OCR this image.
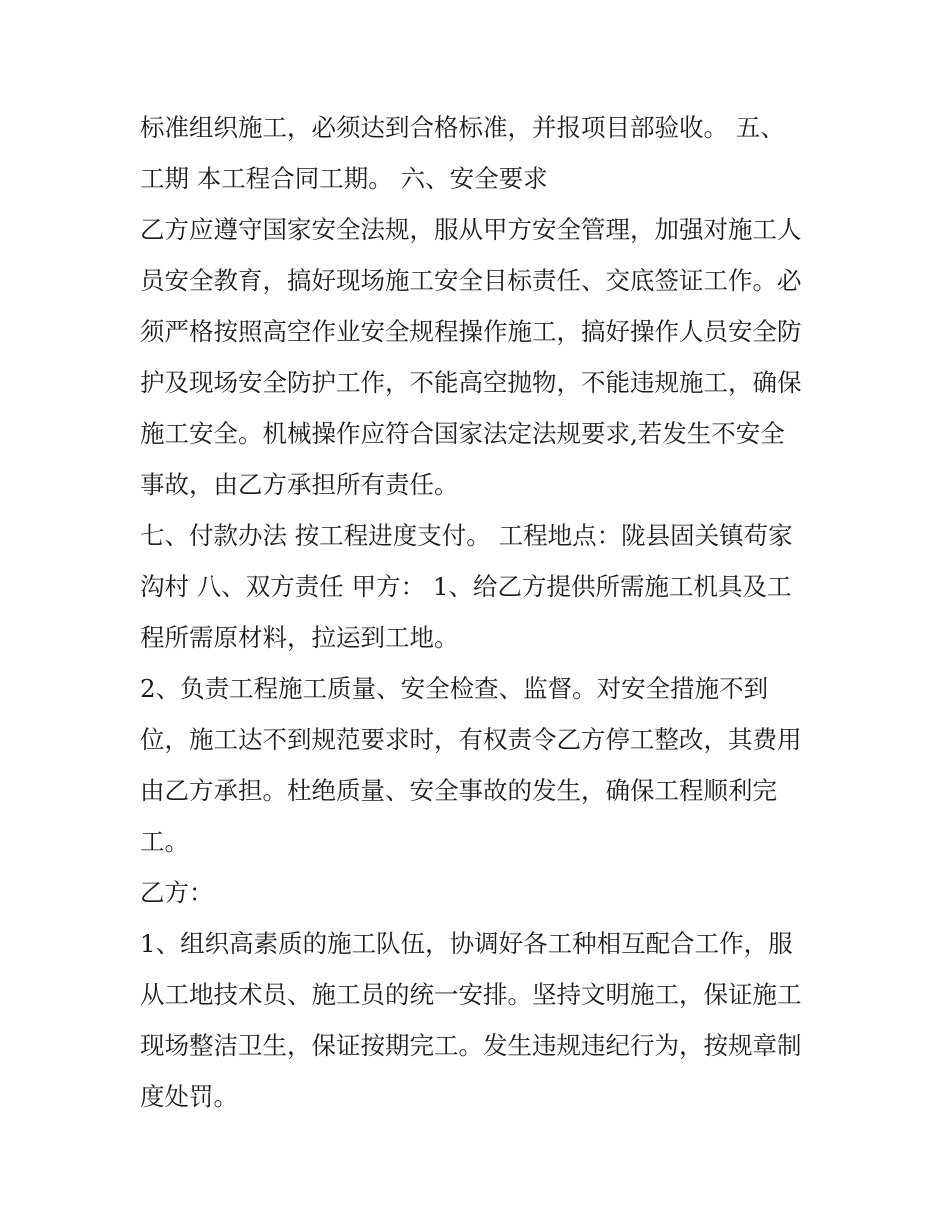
标准组织施工，必须达到合格标准，并报项目部验收。 五、
工期 本工程合同工期。 六、安全要求
乙方应遵守国家安全法规，服从甲方安全管理，加强对施工人
员安全教育，搞好现场施工安全目标责任、交底签证工作。必
须严格按照高空作业安全规程操作施工，搞好操作人员安全防
护及现场安全防护工作，不能高空抛物，不能违规施工，确保
施工安全。机械操作应符合国家法定法规要求,若发生不安全
事故，由乙方承担所有责任。
七、付款办法 按工程进度支付。 工程地点：陇县固关镇苟家
沟村 八、双方责任 甲方： 1、给乙方提供所需施工机具及工
程所需原材料，拉运到工地。
2、负责工程施工质量、安全检查、监督。对安全措施不到
位，施工达不到规范要求时，有权责令乙方停工整改，其费用
由乙方承担。杜绝质量、安全事故的发生，确保工程顺利完
工。
乙方：
1、组织高素质的施工队伍，协调好各工种相互配合工作，服
从工地技术员、施工员的统一安排。坚持文明施工，保证施工
现场整洁卫生，保证按期完工。发生违规违纪行为，按规章制
度处罚。
